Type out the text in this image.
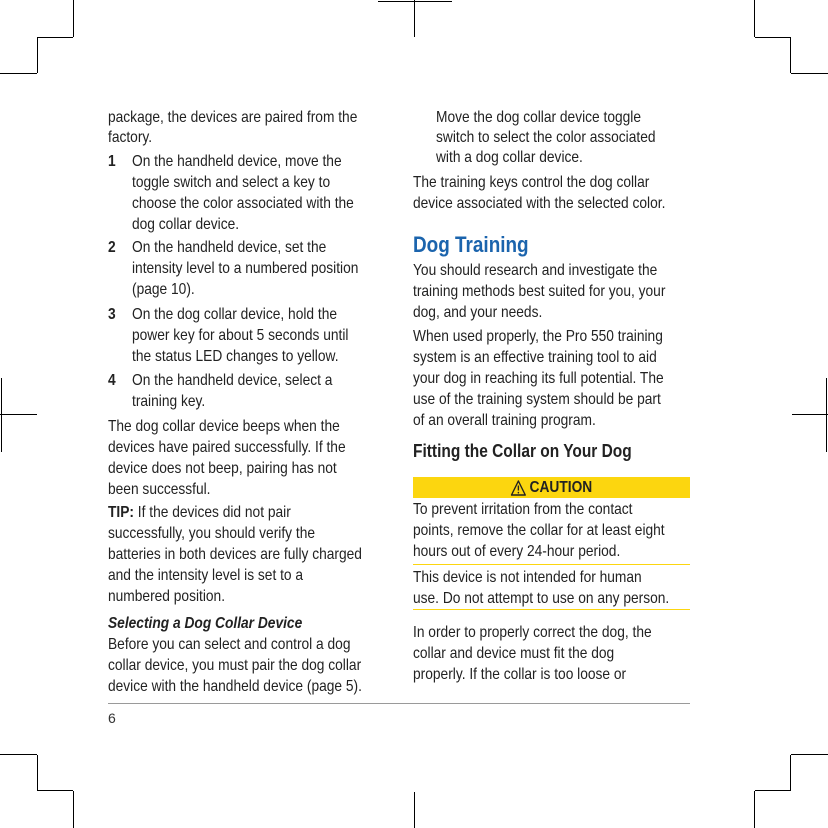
package, the devices are paired from the
factory.
1 On the handheld device, move the
toggle switch and select a key to
choose the color associated with the
dog collar device.
2 On the handheld device, set the
intensity level to a numbered position
(page 10).
3 On the dog collar device, hold the
power key for about 5 seconds until
the status LED changes to yellow.
4 On the handheld device, select a
training key.
The dog collar device beeps when the
devices have paired successfully. If the
device does not beep, pairing has not
been successful.
TIP: If the devices did not pair
successfully, you should verify the
batteries in both devices are fully charged
and the intensity level is set to a
numbered position.
Selecting a Dog Collar Device
Before you can select and control a dog
collar device, you must pair the dog collar
device with the handheld device (page 5).
Move the dog collar device toggle
switch to select the color associated
with a dog collar device.
The training keys control the dog collar
device associated with the selected color.
Dog Training
You should research and investigate the
training methods best suited for you, your
dog, and your needs.
When used properly, the Pro 550 training
system is an effective training tool to aid
your dog in reaching its full potential. The
use of the training system should be part
of an overall training program.
Fitting the Collar on Your Dog
CAUTION
To prevent irritation from the contact
points, remove the collar for at least eight
hours out of every 24-hour period.
This device is not intended for human
use. Do not attempt to use on any person.
In order to properly correct the dog, the
collar and device must fit the dog
properly. If the collar is too loose or
6
